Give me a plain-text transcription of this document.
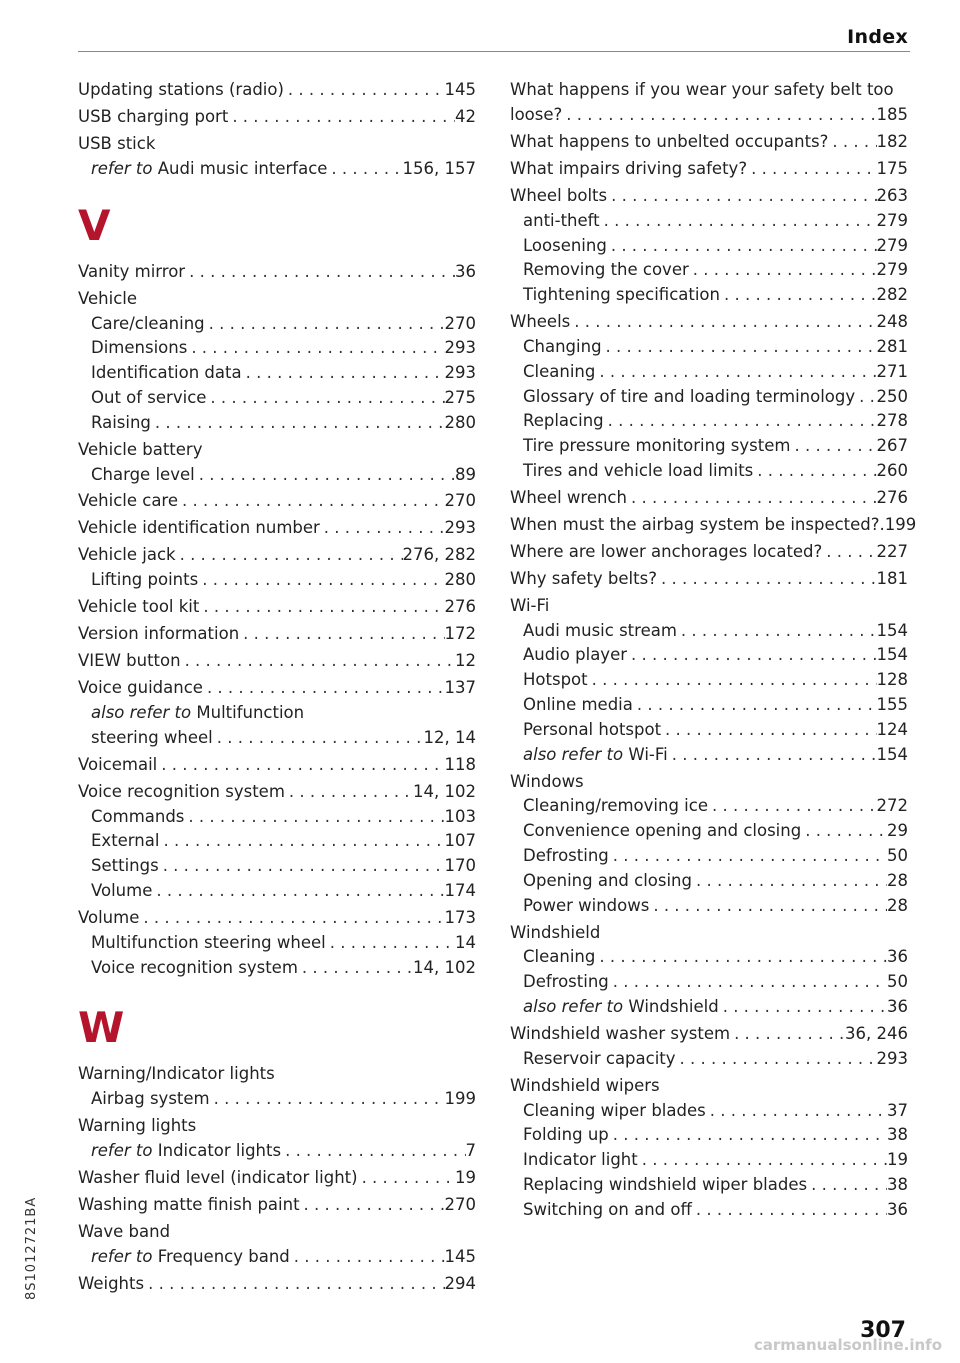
Index
Updating stations (radio) . . .	145
USB charging port . . .	42
USB stick
refer to Audi music interface . . .	156, 157
V
Vanity mirror . . .	36
Vehicle
Care/cleaning . . .	270
Dimensions . . .	293
Identification data . . .	293
Out of service . . .	275
Raising . . .	280
Vehicle battery
Charge level . . .	89
Vehicle care . . .	270
Vehicle identification number . . .	293
Vehicle jack . . .	276, 282
Lifting points . . .	280
Vehicle tool kit . . .	276
Version information . . .	172
VIEW button . . .	12
Voice guidance . . .	137
also refer to Multifunction
steering wheel . . .	12, 14
Voicemail . . .	118
Voice recognition system . . .	14, 102
Commands . . .	103
External . . .	107
Settings . . .	170
Volume . . .	174
Volume . . .	173
Multifunction steering wheel . . .	14
Voice recognition system . . .	14, 102
W
Warning/Indicator lights
Airbag system . . .	199
Warning lights
refer to Indicator lights . . .	7
Washer fluid level (indicator light) . . .	19
Washing matte finish paint . . .	270
Wave band
refer to Frequency band . . .	145
Weights . . .	294
What happens if you wear your safety belt too
loose? . . .	185
What happens to unbelted occupants? . . .	182
What impairs driving safety? . . .	175
Wheel bolts . . .	263
anti-theft . . .	279
Loosening . . .	279
Removing the cover . . .	279
Tightening specification . . .	282
Wheels . . .	248
Changing . . .	281
Cleaning . . .	271
Glossary of tire and loading terminology . . . 250
Replacing . . .	278
Tire pressure monitoring system . . .	267
Tires and vehicle load limits . . .	260
Wheel wrench . . .	276
When must the airbag system be inspected? .199
Where are lower anchorages located? . . .	227
Why safety belts? . . .	181
Wi-Fi
Audi music stream . . .	154
Audio player . . .	154
Hotspot . . .	128
Online media . . .	155
Personal hotspot . . .	124
also refer to Wi-Fi . . .	154
Windows
Cleaning/removing ice . . .	272
Convenience opening and closing . . .	29
Defrosting . . .	50
Opening and closing . . .	28
Power windows . . .	28
Windshield
Cleaning . . .	36
Defrosting . . .	50
also refer to Windshield . . .	36
Windshield washer system . . .	36, 246
Reservoir capacity . . .	293
Windshield wipers
Cleaning wiper blades . . .	37
Folding up . . .	38
Indicator light . . .	19
Replacing windshield wiper blades . . .	38
Switching on and off . . .	36
8S1012721BA
307
carmanualsonline.info
